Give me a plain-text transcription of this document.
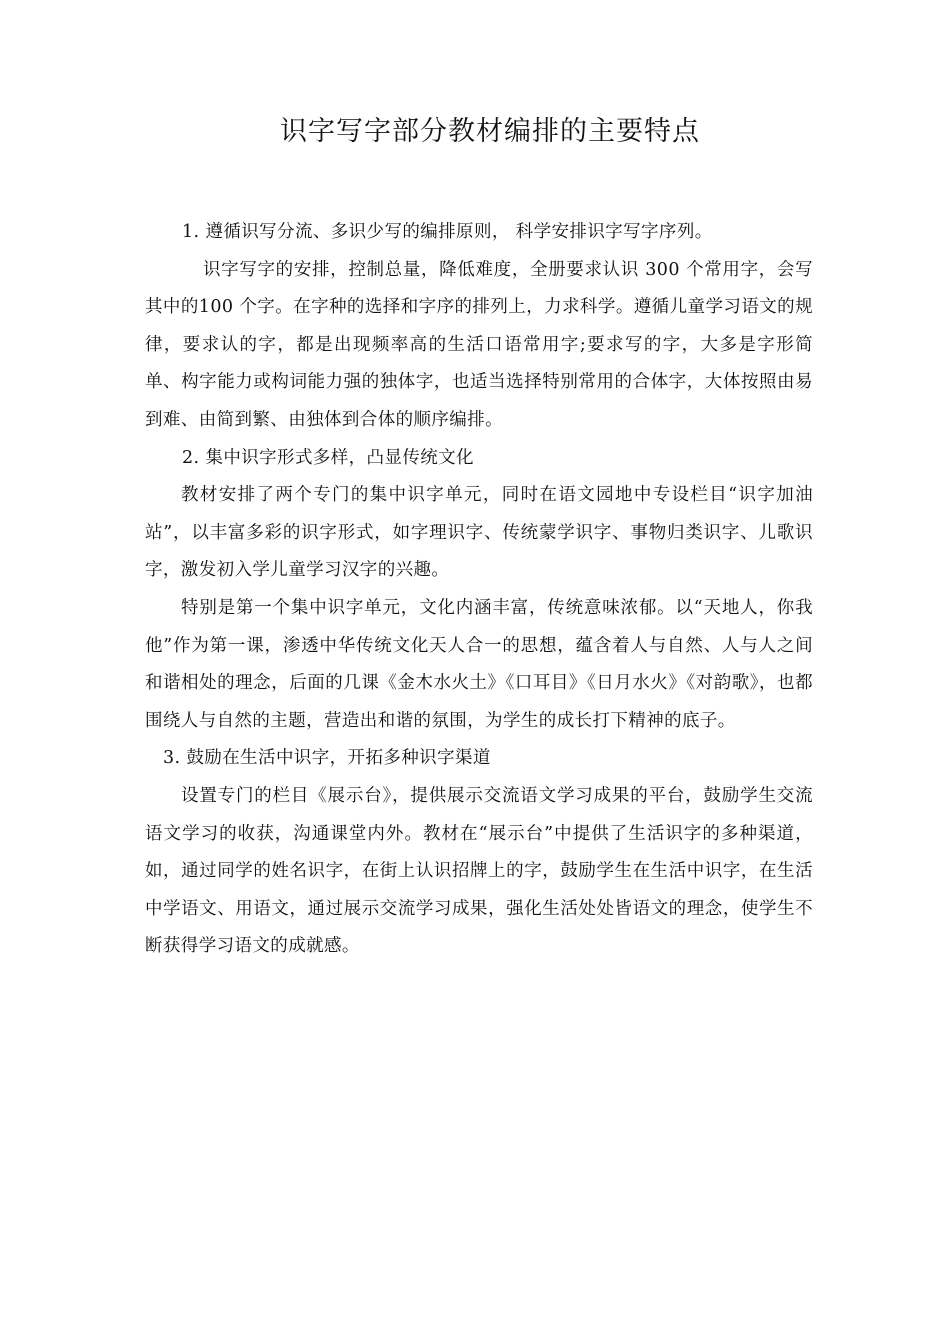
识字写字部分教材编排的主要特点

1. 遵循识写分流、多识少写的编排原则， 科学安排识字写字序列。

识字写字的安排，控制总量，降低难度，全册要求认识 300 个常用字，会写其中的100 个字。在字种的选择和字序的排列上，力求科学。遵循儿童学习语文的规律，要求认的字，都是出现频率高的生活口语常用字;要求写的字，大多是字形简单、构字能力或构词能力强的独体字，也适当选择特别常用的合体字，大体按照由易到难、由简到繁、由独体到合体的顺序编排。

2. 集中识字形式多样，凸显传统文化

教材安排了两个专门的集中识字单元，同时在语文园地中专设栏目“识字加油站”，以丰富多彩的识字形式，如字理识字、传统蒙学识字、事物归类识字、儿歌识字，激发初入学儿童学习汉字的兴趣。

特别是第一个集中识字单元，文化内涵丰富，传统意味浓郁。以“天地人，你我他”作为第一课，渗透中华传统文化天人合一的思想，蕴含着人与自然、人与人之间和谐相处的理念，后面的几课《金木水火土》《口耳目》《日月水火》《对韵歌》，也都围绕人与自然的主题，营造出和谐的氛围，为学生的成长打下精神的底子。

3. 鼓励在生活中识字，开拓多种识字渠道

设置专门的栏目《展示台》，提供展示交流语文学习成果的平台，鼓励学生交流语文学习的收获，沟通课堂内外。教材在“展示台”中提供了生活识字的多种渠道，如，通过同学的姓名识字，在街上认识招牌上的字，鼓励学生在生活中识字，在生活中学语文、用语文，通过展示交流学习成果，强化生活处处皆语文的理念，使学生不断获得学习语文的成就感。
